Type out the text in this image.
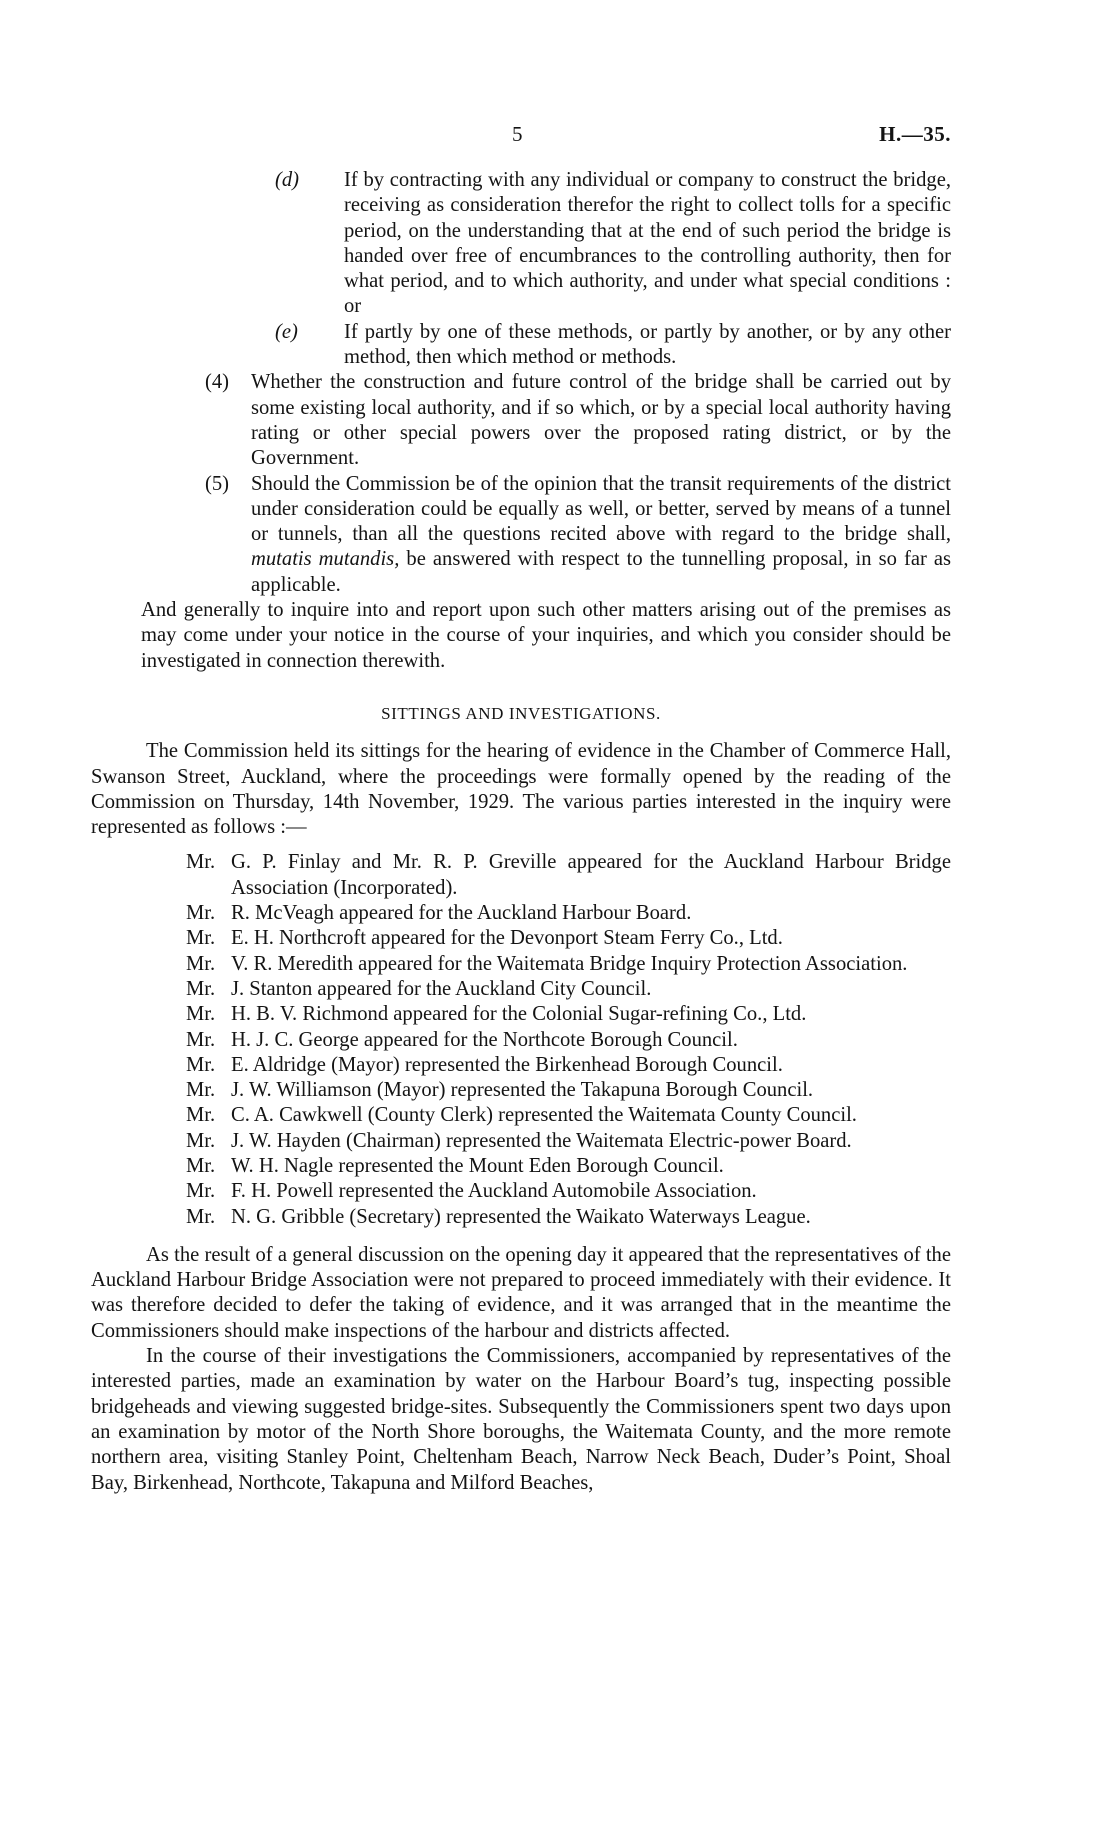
5	H.—35.

(d) If by contracting with any individual or company to construct the bridge, receiving as consideration therefor the right to collect tolls for a specific period, on the understanding that at the end of such period the bridge is handed over free of encumbrances to the controlling authority, then for what period, and to which authority, and under what special conditions : or

(e) If partly by one of these methods, or partly by another, or by any other method, then which method or methods.

(4) Whether the construction and future control of the bridge shall be carried out by some existing local authority, and if so which, or by a special local authority having rating or other special powers over the proposed rating district, or by the Government.

(5) Should the Commission be of the opinion that the transit requirements of the district under consideration could be equally as well, or better, served by means of a tunnel or tunnels, than all the questions recited above with regard to the bridge shall, mutatis mutandis, be answered with respect to the tunnelling proposal, in so far as applicable.

And generally to inquire into and report upon such other matters arising out of the premises as may come under your notice in the course of your inquiries, and which you consider should be investigated in connection therewith.

SITTINGS AND INVESTIGATIONS.

The Commission held its sittings for the hearing of evidence in the Chamber of Commerce Hall, Swanson Street, Auckland, where the proceedings were formally opened by the reading of the Commission on Thursday, 14th November, 1929. The various parties interested in the inquiry were represented as follows :—

Mr. G. P. Finlay and Mr. R. P. Greville appeared for the Auckland Harbour Bridge Association (Incorporated).

Mr. R. McVeagh appeared for the Auckland Harbour Board.

Mr. E. H. Northcroft appeared for the Devonport Steam Ferry Co., Ltd.

Mr. V. R. Meredith appeared for the Waitemata Bridge Inquiry Protection Association.

Mr. J. Stanton appeared for the Auckland City Council.

Mr. H. B. V. Richmond appeared for the Colonial Sugar-refining Co., Ltd.

Mr. H. J. C. George appeared for the Northcote Borough Council.

Mr. E. Aldridge (Mayor) represented the Birkenhead Borough Council.

Mr. J. W. Williamson (Mayor) represented the Takapuna Borough Council.

Mr. C. A. Cawkwell (County Clerk) represented the Waitemata County Council.

Mr. J. W. Hayden (Chairman) represented the Waitemata Electric-power Board.

Mr. W. H. Nagle represented the Mount Eden Borough Council.

Mr. F. H. Powell represented the Auckland Automobile Association.

Mr. N. G. Gribble (Secretary) represented the Waikato Waterways League.

As the result of a general discussion on the opening day it appeared that the representatives of the Auckland Harbour Bridge Association were not prepared to proceed immediately with their evidence. It was therefore decided to defer the taking of evidence, and it was arranged that in the meantime the Commissioners should make inspections of the harbour and districts affected.

In the course of their investigations the Commissioners, accompanied by representatives of the interested parties, made an examination by water on the Harbour Board’s tug, inspecting possible bridgeheads and viewing suggested bridge-sites. Subsequently the Commissioners spent two days upon an examination by motor of the North Shore boroughs, the Waitemata County, and the more remote northern area, visiting Stanley Point, Cheltenham Beach, Narrow Neck Beach, Duder’s Point, Shoal Bay, Birkenhead, Northcote, Takapuna and Milford Beaches,
